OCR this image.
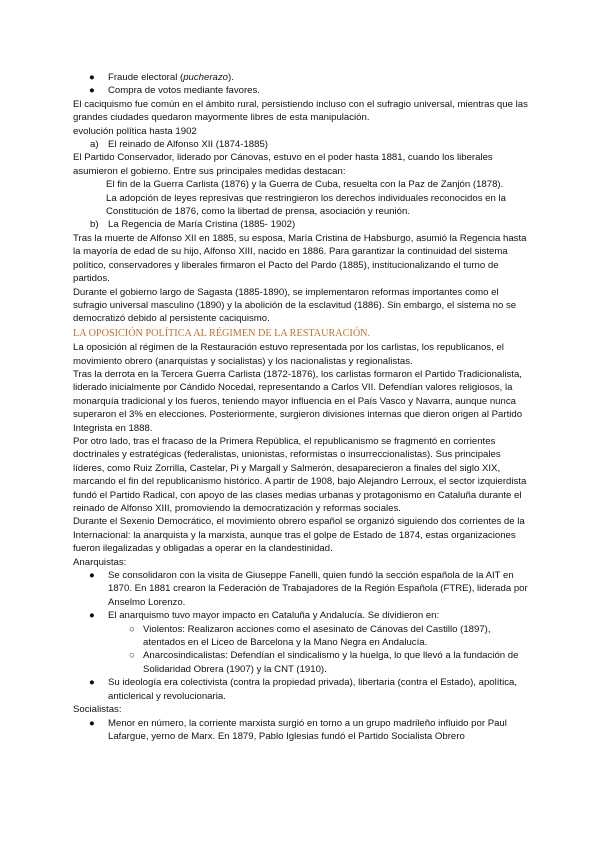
● Fraude electoral (pucherazo).

● Compra de votos mediante favores.

El caciquismo fue común en el ámbito rural, persistiendo incluso con el sufragio universal, mientras que las grandes ciudades quedaron mayormente libres de esta manipulación.

evolución política hasta 1902

a) El reinado de Alfonso XII (1874-1885)

El Partido Conservador, liderado por Cánovas, estuvo en el poder hasta 1881, cuando los liberales asumieron el gobierno. Entre sus principales medidas destacan:

El fin de la Guerra Carlista (1876) y la Guerra de Cuba, resuelta con la Paz de Zanjón (1878).

La adopción de leyes represivas que restringieron los derechos individuales reconocidos en la Constitución de 1876, como la libertad de prensa, asociación y reunión.

b) La Regencia de María Cristina (1885- 1902)

Tras la muerte de Alfonso XII en 1885, su esposa, María Cristina de Habsburgo, asumió la Regencia hasta la mayoría de edad de su hijo, Alfonso XIII, nacido en 1886. Para garantizar la continuidad del sistema político, conservadores y liberales firmaron el Pacto del Pardo (1885), institucionalizando el turno de partidos.

Durante el gobierno largo de Sagasta (1885-1890), se implementaron reformas importantes como el sufragio universal masculino (1890) y la abolición de la esclavitud (1886). Sin embargo, el sistema no se democratizó debido al persistente caciquismo.

LA OPOSICIÓN POLÍTICA AL RÉGIMEN DE LA RESTAURACIÓN.

La oposición al régimen de la Restauración estuvo representada por los carlistas, los republicanos, el movimiento obrero (anarquistas y socialistas) y los nacionalistas y regionalistas.

Tras la derrota en la Tercera Guerra Carlista (1872-1876), los carlistas formaron el Partido Tradicionalista, liderado inicialmente por Cándido Nocedal, representando a Carlos VII. Defendían valores religiosos, la monarquía tradicional y los fueros, teniendo mayor influencia en el País Vasco y Navarra, aunque nunca superaron el 3% en elecciones. Posteriormente, surgieron divisiones internas que dieron origen al Partido Integrista en 1888.

Por otro lado, tras el fracaso de la Primera República, el republicanismo se fragmentó en corrientes doctrinales y estratégicas (federalistas, unionistas, reformistas o insurreccionalistas). Sus principales líderes, como Ruiz Zorrilla, Castelar, Pi y Margall y Salmerón, desaparecieron a finales del siglo XIX, marcando el fin del republicanismo histórico. A partir de 1908, bajo Alejandro Lerroux, el sector izquierdista fundó el Partido Radical, con apoyo de las clases medias urbanas y protagonismo en Cataluña durante el reinado de Alfonso XIII, promoviendo la democratización y reformas sociales.

Durante el Sexenio Democrático, el movimiento obrero español se organizó siguiendo dos corrientes de la Internacional: la anarquista y la marxista, aunque tras el golpe de Estado de 1874, estas organizaciones fueron ilegalizadas y obligadas a operar en la clandestinidad.

Anarquistas:

● Se consolidaron con la visita de Giuseppe Fanelli, quien fundó la sección española de la AIT en 1870. En 1881 crearon la Federación de Trabajadores de la Región Española (FTRE), liderada por Anselmo Lorenzo.

● El anarquismo tuvo mayor impacto en Cataluña y Andalucía. Se dividieron en:

○ Violentos: Realizaron acciones como el asesinato de Cánovas del Castillo (1897), atentados en el Liceo de Barcelona y la Mano Negra en Andalucía.

○ Anarcosindicalistas: Defendían el sindicalismo y la huelga, lo que llevó a la fundación de Solidaridad Obrera (1907) y la CNT (1910).

● Su ideología era colectivista (contra la propiedad privada), libertaria (contra el Estado), apolítica, anticlerical y revolucionaria.

Socialistas:

● Menor en número, la corriente marxista surgió en torno a un grupo madrileño influido por Paul Lafargue, yerno de Marx. En 1879, Pablo Iglesias fundó el Partido Socialista Obrero
